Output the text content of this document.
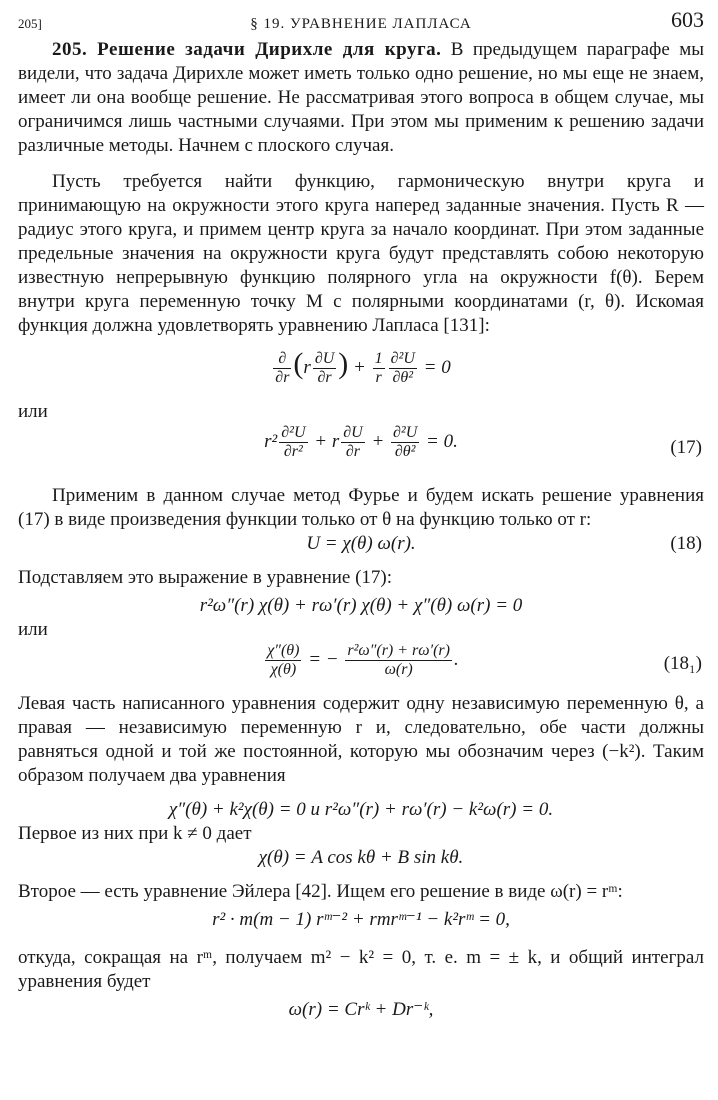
205]	§ 19. УРАВНЕНИЕ ЛАПЛАСА	603

205. Решение задачи Дирихле для круга. В предыдущем параграфе мы видели, что задача Дирихле может иметь только одно решение, но мы еще не знаем, имеет ли она вообще решение. Не рассматривая этого вопроса в общем случае, мы ограничимся лишь частными случаями. При этом мы применим к решению задачи различные методы. Начнем с плоского случая.

Пусть требуется найти функцию, гармоническую внутри круга и принимающую на окружности этого круга наперед заданные значения. Пусть R — радиус этого круга, и примем центр круга за начало координат. При этом заданные предельные значения на окружности круга будут представлять собою некоторую известную непрерывную функцию полярного угла на окружности f(θ). Берем внутри круга переменную точку M с полярными координатами (r, θ). Искомая функция должна удовлетворять уравнению Лапласа [131]:

$\frac{\partial}{\partial r} (r \frac{\partial U}{\partial r}$ ) + $\frac{1}{r} \frac{\text{∂²U}}{\text{∂θ²}} = 0$

или

$r^2 \frac{\text{∂²U}}{\text{∂r²}} + r \frac{\partial U}{\partial r} + \frac{\text{∂²U}}{\text{∂θ²}} = 0$.	(17)

Применим в данном случае метод Фурье и будем искать решение уравнения (17) в виде произведения функции только от θ на функцию только от r:

U = χ(θ) ω(r).	(18)

Подставляем это выражение в уравнение (17):

r²ω″(r) χ(θ) + rω′(r) χ(θ) + χ″(θ) ω(r) = 0

или

$\frac{\chi''(\theta)}{\chi(\theta)}$ = − $\frac{\text{r²ω″(r) + rω′(r)}}{\omega(r)}$ .	(18₁)

Левая часть написанного уравнения содержит одну независимую переменную θ, а правая — независимую переменную r и, следовательно, обе части должны равняться одной и той же постоянной, которую мы обозначим через (−k²). Таким образом получаем два уравнения

χ″(θ) + k²χ(θ) = 0 и r²ω″(r) + rω′(r) − k²ω(r) = 0.

Первое из них при k ≠ 0 дает

χ(θ) = A cos kθ + B sin kθ.

Второе — есть уравнение Эйлера [42]. Ищем его решение в виде ω(r) = rᵐ:

r² · m(m − 1) rᵐ⁻² + rmrᵐ⁻¹ − k²rᵐ = 0,

откуда, сокращая на rᵐ, получаем m² − k² = 0, т. е. m = ± k, и общий интеграл уравнения будет

ω(r) = Crᵏ + Dr⁻ᵏ,
